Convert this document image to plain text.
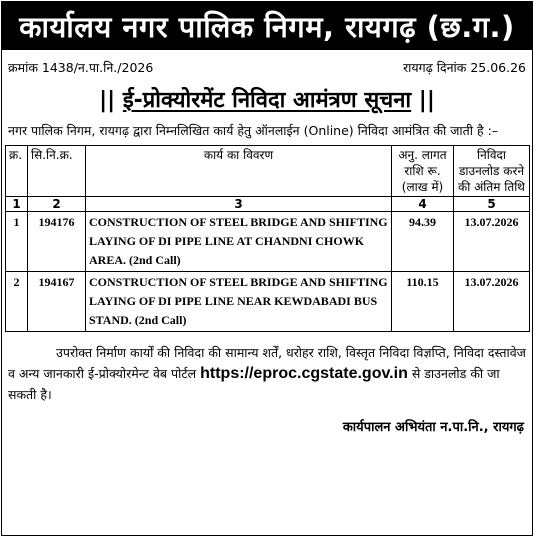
कार्यालय नगर पालिक निगम, रायगढ़ (छ.ग.)
क्रमांक 1438/न.पा.नि./2026	रायगढ़ दिनांक 25.06.26
|| ई-प्रोक्योरमेंट निविदा आमंत्रण सूचना ||
नगर पालिक निगम, रायगढ़ द्वारा निम्नलिखित कार्य हेतु ऑनलाईन (Online) निविदा आमंत्रित की जाती है :–
क्र.	सि.नि.क्र.	कार्य का विवरण	अनु. लागत राशि रू. (लाख में)	निविदा डाउनलोड करने की अंतिम तिथि
1	2	3	4	5
1	194176	CONSTRUCTION OF STEEL BRIDGE AND SHIFTING LAYING OF DI PIPE LINE AT CHANDNI CHOWK AREA. (2nd Call)	94.39	13.07.2026
2	194167	CONSTRUCTION OF STEEL BRIDGE AND SHIFTING LAYING OF DI PIPE LINE NEAR KEWDABADI BUS STAND. (2nd Call)	110.15	13.07.2026
उपरोक्त निर्माण कार्यों की निविदा की सामान्य शर्तें, धरोहर राशि, विस्तृत निविदा विज्ञप्ति, निविदा दस्तावेज व अन्य जानकारी ई-प्रोक्योरमेन्ट वेब पोर्टल https://eproc.cgstate.gov.in से डाउनलोड की जा सकती है।
कार्यपालन अभियंता न.पा.नि., रायगढ़
